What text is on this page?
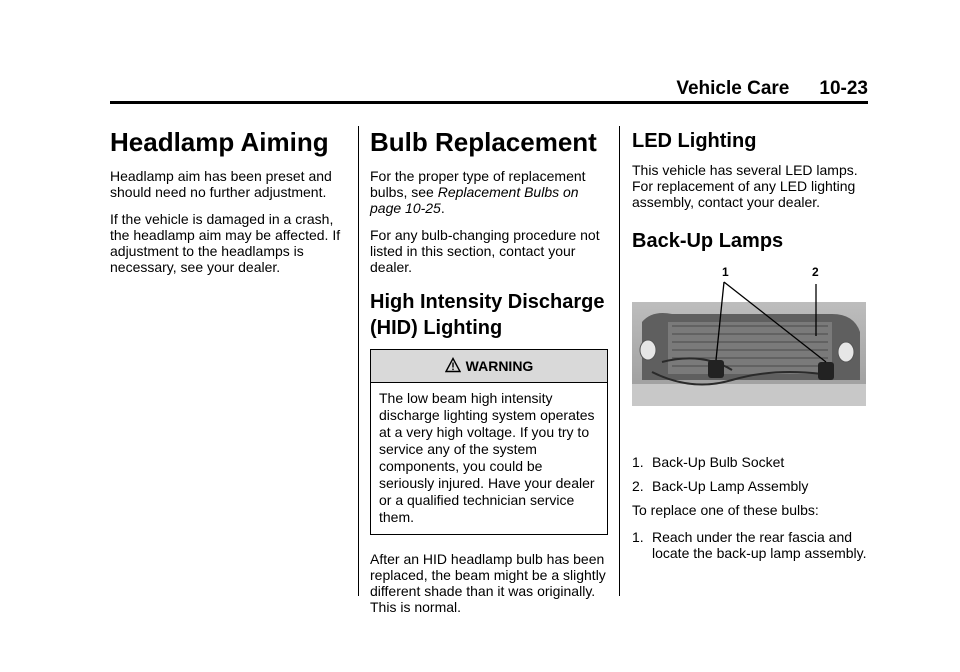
Vehicle Care 10-23
Headlamp Aiming

Headlamp aim has been preset and should need no further adjustment.

If the vehicle is damaged in a crash, the headlamp aim may be affected. If adjustment to the headlamps is necessary, see your dealer.

Bulb Replacement

For the proper type of replacement bulbs, see Replacement Bulbs on page 10-25.

For any bulb-changing procedure not listed in this section, contact your dealer.

High Intensity Discharge (HID) Lighting
WARNING
The low beam high intensity discharge lighting system operates at a very high voltage. If you try to service any of the system components, you could be seriously injured. Have your dealer or a qualified technician service them.

After an HID headlamp bulb has been replaced, the beam might be a slightly different shade than it was originally. This is normal.

LED Lighting

This vehicle has several LED lamps. For replacement of any LED lighting assembly, contact your dealer.

Back-Up Lamps
1	2
1. Back-Up Bulb Socket
2. Back-Up Lamp Assembly

To replace one of these bulbs:

1. Reach under the rear fascia and locate the back-up lamp assembly.
